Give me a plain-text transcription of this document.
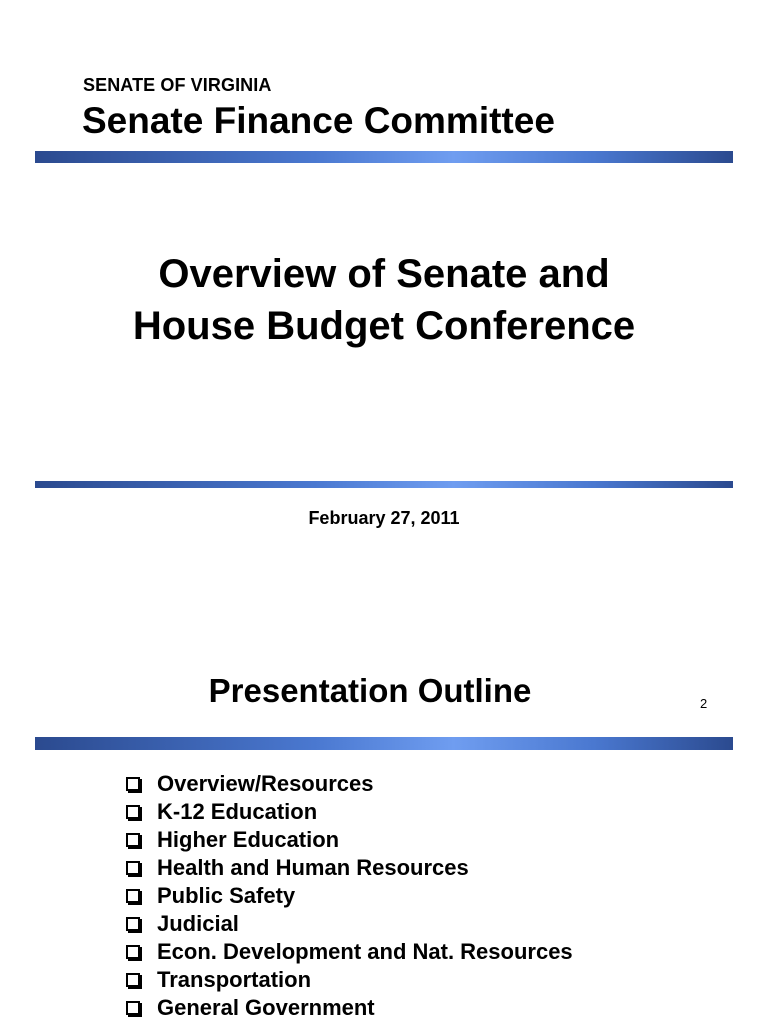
SENATE OF VIRGINIA
Senate Finance Committee
Overview of Senate and
House Budget Conference
February 27, 2011
Presentation Outline	2
Overview/Resources
K-12 Education
Higher Education
Health and Human Resources
Public Safety
Judicial
Econ. Development and Nat. Resources
Transportation
General Government
